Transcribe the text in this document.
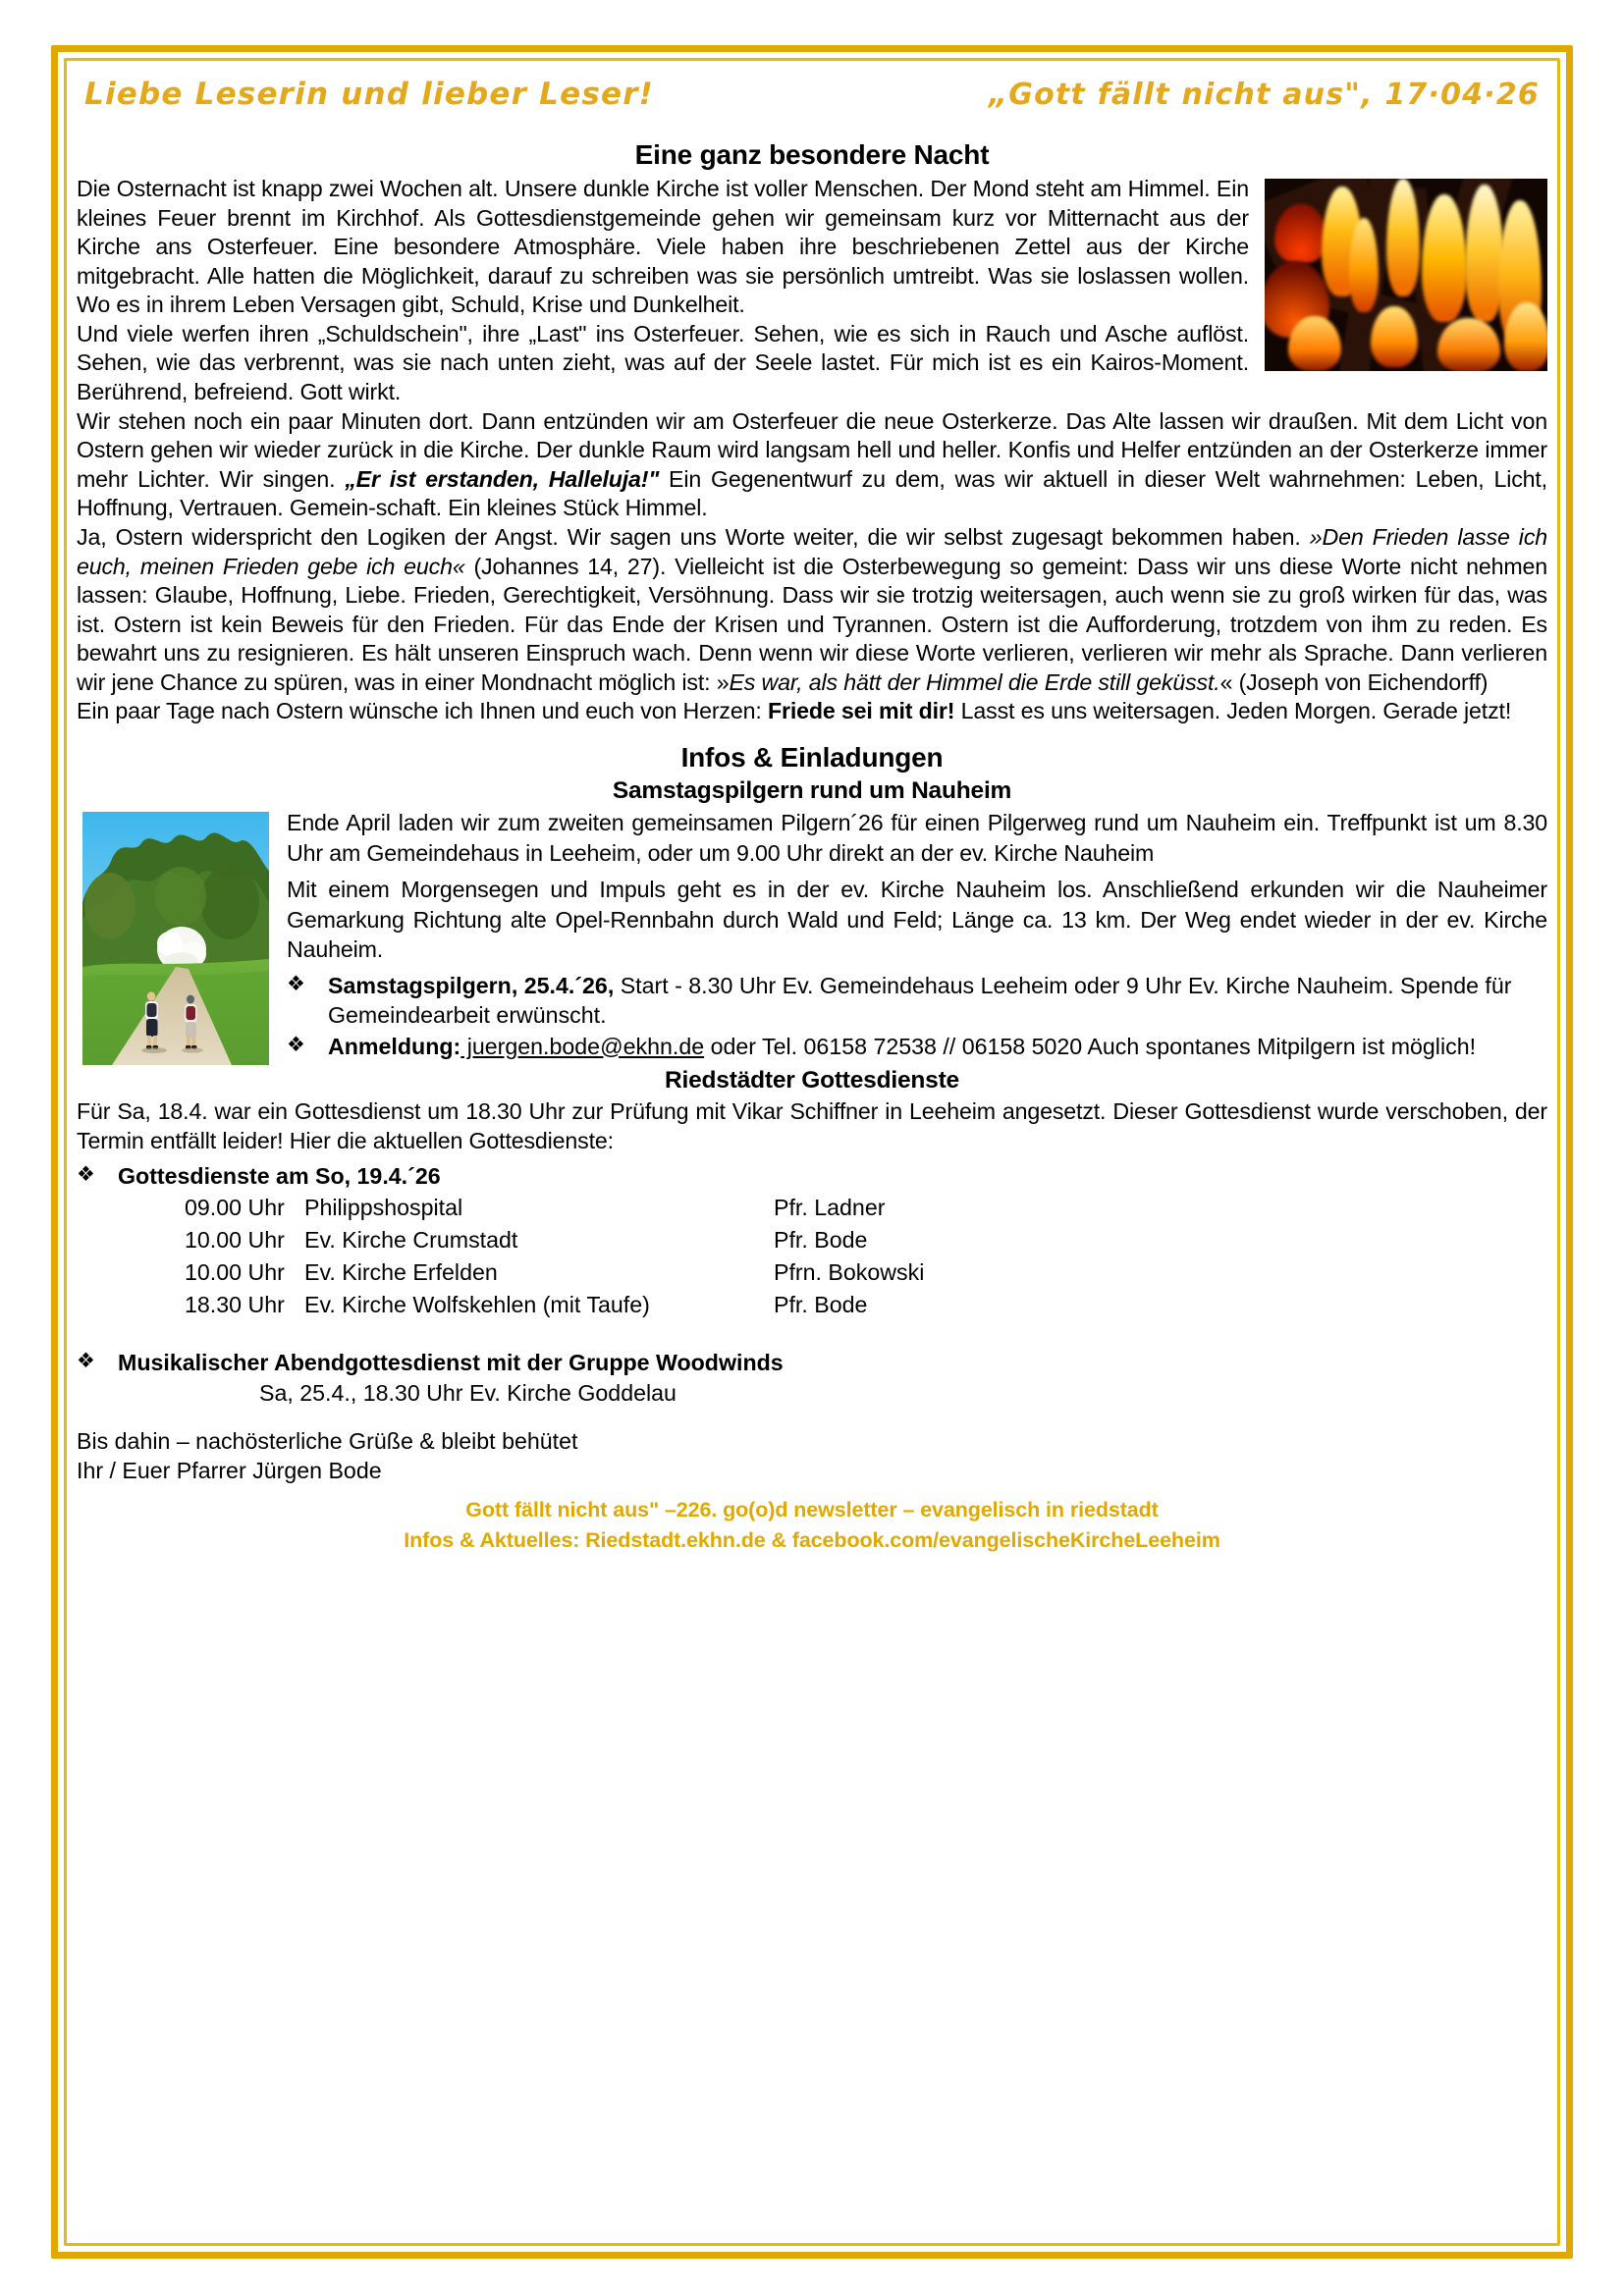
Liebe Leserin und lieber Leser!	„Gott fällt nicht aus", 17·04·26
Eine ganz besondere Nacht

Die Osternacht ist knapp zwei Wochen alt. Unsere dunkle Kirche ist voller Menschen. Der Mond steht am Himmel. Ein kleines Feuer brennt im Kirchhof. Als Gottesdienstgemeinde gehen wir gemeinsam kurz vor Mitternacht aus der Kirche ans Osterfeuer. Eine besondere Atmosphäre. Viele haben ihre beschriebenen Zettel aus der Kirche mitgebracht. Alle hatten die Möglichkeit, darauf zu schreiben was sie persönlich umtreibt. Was sie loslassen wollen. Wo es in ihrem Leben Versagen gibt, Schuld, Krise und Dunkelheit.

Und viele werfen ihren „Schuldschein", ihre „Last" ins Osterfeuer. Sehen, wie es sich in Rauch und Asche auflöst. Sehen, wie das verbrennt, was sie nach unten zieht, was auf der Seele lastet. Für mich ist es ein Kairos-Moment. Berührend, befreiend. Gott wirkt.

Wir stehen noch ein paar Minuten dort. Dann entzünden wir am Osterfeuer die neue Osterkerze. Das Alte lassen wir draußen. Mit dem Licht von Ostern gehen wir wieder zurück in die Kirche. Der dunkle Raum wird langsam hell und heller. Konfis und Helfer entzünden an der Osterkerze immer mehr Lichter. Wir singen. „Er ist erstanden, Halleluja!" Ein Gegenentwurf zu dem, was wir aktuell in dieser Welt wahrnehmen: Leben, Licht, Hoffnung, Vertrauen. Gemein-schaft. Ein kleines Stück Himmel.

Ja, Ostern widerspricht den Logiken der Angst. Wir sagen uns Worte weiter, die wir selbst zugesagt bekommen haben. »Den Frieden lasse ich euch, meinen Frieden gebe ich euch« (Johannes 14, 27). Vielleicht ist die Osterbewegung so gemeint: Dass wir uns diese Worte nicht nehmen lassen: Glaube, Hoffnung, Liebe. Frieden, Gerechtigkeit, Versöhnung. Dass wir sie trotzig weitersagen, auch wenn sie zu groß wirken für das, was ist. Ostern ist kein Beweis für den Frieden. Für das Ende der Krisen und Tyrannen. Ostern ist die Aufforderung, trotzdem von ihm zu reden. Es bewahrt uns zu resignieren. Es hält unseren Einspruch wach. Denn wenn wir diese Worte verlieren, verlieren wir mehr als Sprache. Dann verlieren wir jene Chance zu spüren, was in einer Mondnacht möglich ist: »Es war, als hätt der Himmel die Erde still geküsst.« (Joseph von Eichendorff)

Ein paar Tage nach Ostern wünsche ich Ihnen und euch von Herzen: Friede sei mit dir! Lasst es uns weitersagen. Jeden Morgen. Gerade jetzt!

Infos & Einladungen
Samstagspilgern rund um Nauheim

Ende April laden wir zum zweiten gemeinsamen Pilgern´26 für einen Pilgerweg rund um Nauheim ein. Treffpunkt ist um 8.30 Uhr am Gemeindehaus in Leeheim, oder um 9.00 Uhr direkt an der ev. Kirche Nauheim

Mit einem Morgensegen und Impuls geht es in der ev. Kirche Nauheim los. Anschließend erkunden wir die Nauheimer Gemarkung Richtung alte Opel-Rennbahn durch Wald und Feld; Länge ca. 13 km. Der Weg endet wieder in der ev. Kirche Nauheim.

❖ Samstagspilgern, 25.4.´26, Start - 8.30 Uhr Ev. Gemeindehaus Leeheim oder 9 Uhr Ev. Kirche Nauheim. Spende für Gemeindearbeit erwünscht.
❖ Anmeldung: juergen.bode@ekhn.de oder Tel. 06158 72538 // 06158 5020 Auch spontanes Mitpilgern ist möglich!
Riedstädter Gottesdienste

Für Sa, 18.4. war ein Gottesdienst um 18.30 Uhr zur Prüfung mit Vikar Schiffner in Leeheim angesetzt. Dieser Gottesdienst wurde verschoben, der Termin entfällt leider! Hier die aktuellen Gottesdienste:

❖ Gottesdienste am So, 19.4.´26
09.00 Uhr	Philippshospital	Pfr. Ladner
10.00 Uhr	Ev. Kirche Crumstadt	Pfr. Bode
10.00 Uhr	Ev. Kirche Erfelden	Pfrn. Bokowski
18.30 Uhr	Ev. Kirche Wolfskehlen (mit Taufe)	Pfr. Bode
❖ Musikalischer Abendgottesdienst mit der Gruppe Woodwinds
Sa, 25.4., 18.30 Uhr Ev. Kirche Goddelau

Bis dahin – nachösterliche Grüße & bleibt behütet

Ihr / Euer Pfarrer Jürgen Bode

Gott fällt nicht aus" –226. go(o)d newsletter – evangelisch in riedstadt
Infos & Aktuelles: Riedstadt.ekhn.de & facebook.com/evangelischeKircheLeeheim
